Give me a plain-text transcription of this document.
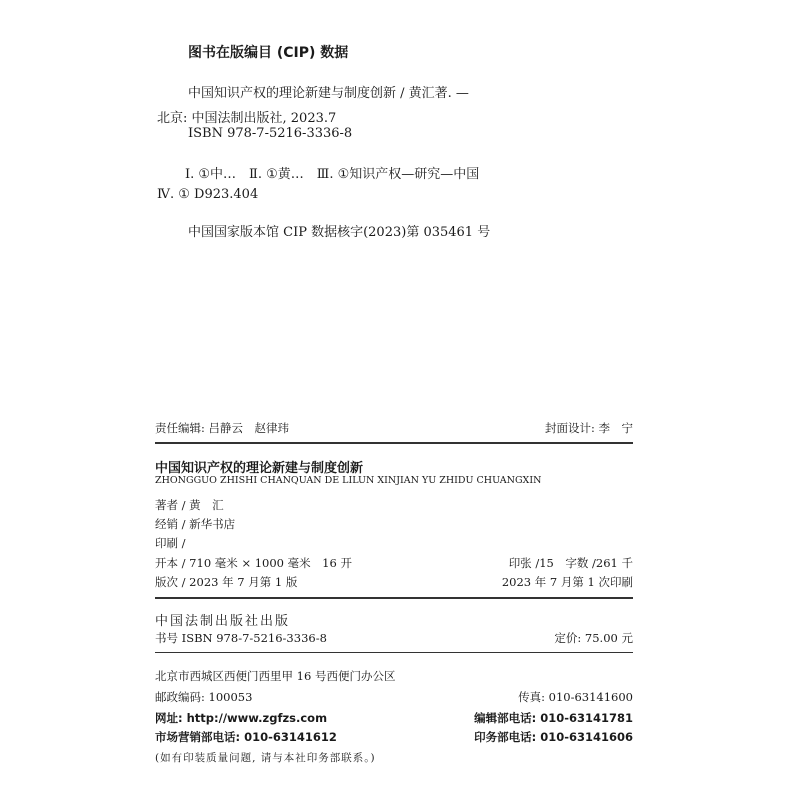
图书在版编目 (CIP) 数据
中国知识产权的理论新建与制度创新 / 黄汇著. —
北京: 中国法制出版社, 2023.7
ISBN 978-7-5216-3336-8
Ⅰ. ①中…　Ⅱ. ①黄…　Ⅲ. ①知识产权—研究—中国
Ⅳ. ① D923.404
中国国家版本馆 CIP 数据核字(2023)第 035461 号
责任编辑: 吕静云　赵律玮	封面设计: 李　宁
中国知识产权的理论新建与制度创新
ZHONGGUO ZHISHI CHANQUAN DE LILUN XINJIAN YU ZHIDU CHUANGXIN
著者 / 黄　汇
经销 / 新华书店
印刷 /
开本 / 710 毫米 × 1000 毫米　16 开	印张 /15　字数 /261 千
版次 / 2023 年 7 月第 1 版	2023 年 7 月第 1 次印刷
中国法制出版社出版
书号 ISBN 978-7-5216-3336-8	定价: 75.00 元
北京市西城区西便门西里甲 16 号西便门办公区
邮政编码: 100053	传真: 010-63141600
网址: http://www.zgfzs.com	编辑部电话: 010-63141781
市场营销部电话: 010-63141612	印务部电话: 010-63141606
(如有印装质量问题, 请与本社印务部联系。)
